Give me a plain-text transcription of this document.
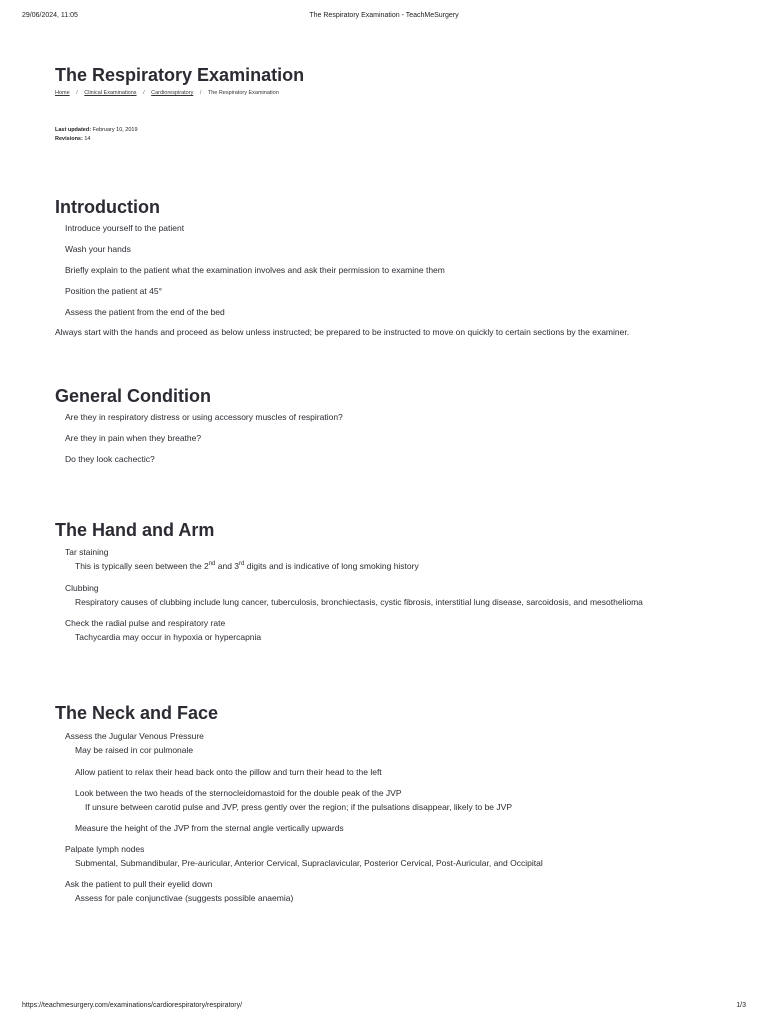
29/06/2024, 11:05	The Respiratory Examination - TeachMeSurgery
The Respiratory Examination
Home / Clinical Examinations / Cardiorespiratory / The Respiratory Examination
Last updated: February 10, 2019
Revisions: 14
Introduction
Introduce yourself to the patient
Wash your hands
Briefly explain to the patient what the examination involves and ask their permission to examine them
Position the patient at 45°
Assess the patient from the end of the bed

Always start with the hands and proceed as below unless instructed; be prepared to be instructed to move on quickly to certain sections by the examiner.

General Condition
Are they in respiratory distress or using accessory muscles of respiration?
Are they in pain when they breathe?
Do they look cachectic?
The Hand and Arm
Tar staining
This is typically seen between the 2nd and 3rd digits and is indicative of long smoking history
Clubbing
Respiratory causes of clubbing include lung cancer, tuberculosis, bronchiectasis, cystic fibrosis, interstitial lung disease, sarcoidosis, and mesothelioma
Check the radial pulse and respiratory rate
Tachycardia may occur in hypoxia or hypercapnia
The Neck and Face
Assess the Jugular Venous Pressure
May be raised in cor pulmonale
Allow patient to relax their head back onto the pillow and turn their head to the left
Look between the two heads of the sternocleidomastoid for the double peak of the JVP
If unsure between carotid pulse and JVP, press gently over the region; if the pulsations disappear, likely to be JVP
Measure the height of the JVP from the sternal angle vertically upwards
Palpate lymph nodes
Submental, Submandibular, Pre-auricular, Anterior Cervical, Supraclavicular, Posterior Cervical, Post-Auricular, and Occipital
Ask the patient to pull their eyelid down
Assess for pale conjunctivae (suggests possible anaemia)
https://teachmesurgery.com/examinations/cardiorespiratory/respiratory/	1/3
